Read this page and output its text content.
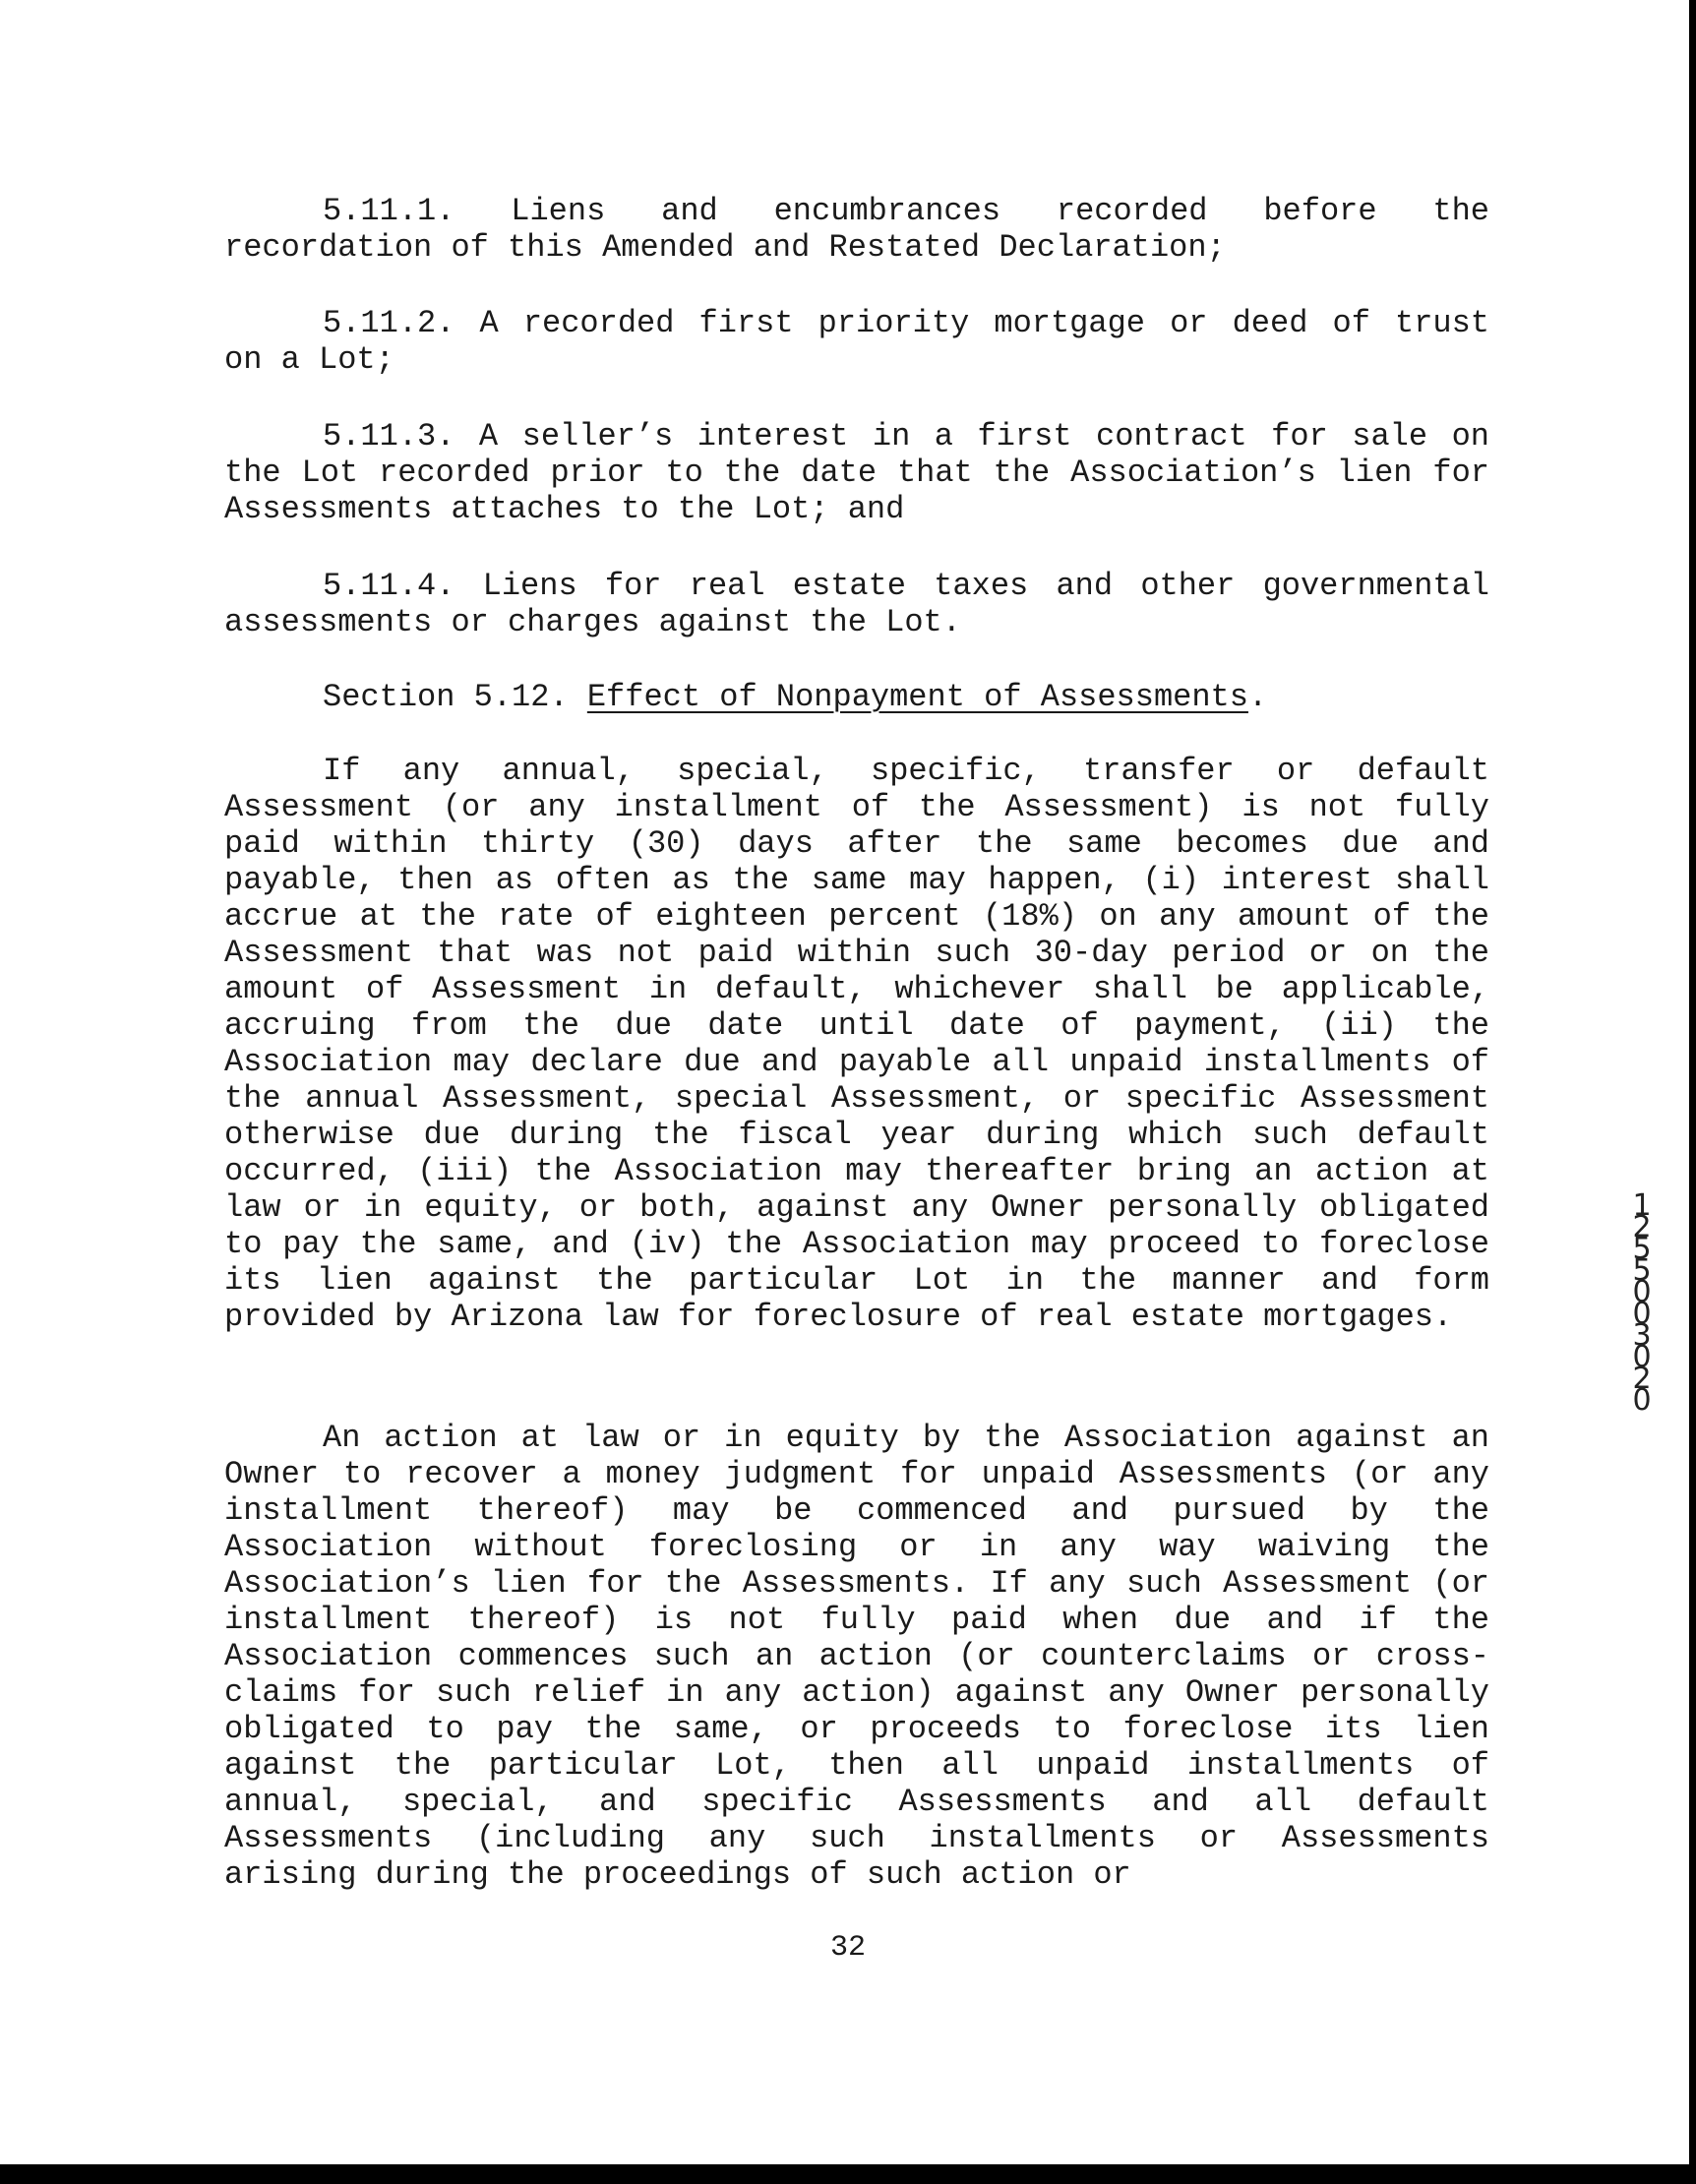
5.11.1. Liens and encumbrances recorded before the recordation of this Amended and Restated Declaration;

5.11.2. A recorded first priority mortgage or deed of trust on a Lot;

5.11.3. A seller’s interest in a first contract for sale on the Lot recorded prior to the date that the Association’s lien for Assessments attaches to the Lot; and

5.11.4. Liens for real estate taxes and other governmental assessments or charges against the Lot.

Section 5.12. Effect of Nonpayment of Assessments.

If any annual, special, specific, transfer or default Assessment (or any installment of the Assessment) is not fully paid within thirty (30) days after the same becomes due and payable, then as often as the same may happen, (i) interest shall accrue at the rate of eighteen percent (18%) on any amount of the Assessment that was not paid within such 30-day period or on the amount of Assessment in default, whichever shall be applicable, accruing from the due date until date of payment, (ii) the Association may declare due and payable all unpaid installments of the annual Assessment, special Assessment, or specific Assessment otherwise due during the fiscal year during which such default occurred, (iii) the Association may thereafter bring an action at law or in equity, or both, against any Owner personally obligated to pay the same, and (iv) the Association may proceed to foreclose its lien against the particular Lot in the manner and form provided by Arizona law for foreclosure of real estate mortgages.

An action at law or in equity by the Association against an Owner to recover a money judgment for unpaid Assessments (or any installment thereof) may be commenced and pursued by the Association without foreclosing or in any way waiving the Association’s lien for the Assessments. If any such Assessment (or installment thereof) is not fully paid when due and if the Association commences such an action (or counterclaims or cross-claims for such relief in any action) against any Owner personally obligated to pay the same, or proceeds to foreclose its lien against the particular Lot, then all unpaid installments of annual, special, and specific Assessments and all default Assessments (including any such installments or Assessments arising during the proceedings of such action or

32
12550 03020
